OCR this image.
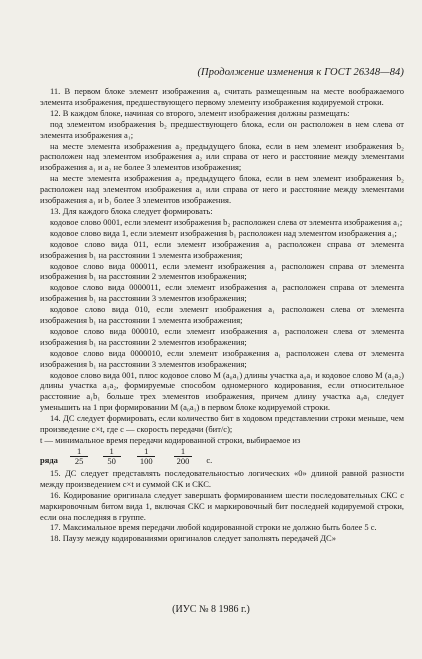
(Продолжение изменения к ГОСТ 26348—84)

11. В первом блоке элемент изображения a₀ считать размещенным на месте воображаемого элемента изображения, предшествующего первому элементу изображения кодируемой строки.

12. В каждом блоке, начиная со второго, элемент изображения должны размещать:

под элементом изображения b₂ предшествующего блока, если он расположен в нем слева от элемента изображения a₁;

на месте элемента изображения a₂ предыдущего блока, если в нем элемент изображения b₂ расположен над элементом изображения a₂ или справа от него и расстояние между элементами изображения a₁ и a₂ не более 3 элементов изображения;

на месте элемента изображения a₂ предыдущего блока, если в нем элемент изображения b₂ расположен над элементом изображения a₁ или справа от него и расстояние между элементами изображения a₁ и b₁ более 3 элементов изображения.

13. Для каждого блока следует формировать:

кодовое слово 0001, если элемент изображения b₂ расположен слева от элемента изображения a₁;

кодовое слово вида 1, если элемент изображения b₁ расположен над элементом изображения a₁;

кодовое слово вида 011, если элемент изображения a₁ расположен справа от элемента изображения b₁ на расстоянии 1 элемента изображения;

кодовое слово вида 000011, если элемент изображения a₁ расположен справа от элемента изображения b₁ на расстоянии 2 элементов изображения;

кодовое слово вида 0000011, если элемент изображения a₁ расположен справа от элемента изображения b₁ на расстоянии 3 элементов изображения;

кодовое слово вида 010, если элемент изображения a₁ расположен слева от элемента изображения b₁ на расстоянии 1 элемента изображения;

кодовое слово вида 000010, если элемент изображения a₁ расположен слева от элемента изображения b₁ на расстоянии 2 элементов изображения;

кодовое слово вида 0000010, если элемент изображения a₁ расположен слева от элемента изображения b₁ на расстоянии 3 элементов изображения;

кодовое слово вида 001, плюс кодовое слово M (a₀a₁) длины участка a₀a₁ и кодовое слово M (a₁a₂) длины участка a₁a₂, формируемые способом одномерного кодирования, если относительное расстояние a₁b₁ больше трех элементов изображения, причем длину участка a₀a₁ следует уменьшить на 1 при формировании M (a₀a₁) в первом блоке кодируемой строки.

14. ДС следует формировать, если количество бит в ходовом представлении строки меньше, чем произведение c×t, где c — скорость передачи (бит/с);

t — минимальное время передачи кодированной строки, выбираемое из

ряда $\frac{1}{25} \frac{1}{50} \frac{1}{100} \frac{1}{200} с$.

15. ДС следует представлять последовательностью логических «0» длиной равной разности между произведением c×t и суммой СК и СКС.

16. Кодирование оригинала следует завершать формированием шести последовательных СКС с маркировочным битом вида 1, включая СКС и маркировочный бит последней кодируемой строки, если она последняя в группе.

17. Максимальное время передачи любой кодированной строки не должно быть более 5 с.

18. Паузу между кодированиями оригиналов следует заполнять передачей ДС»

(ИУС № 8 1986 г.)
